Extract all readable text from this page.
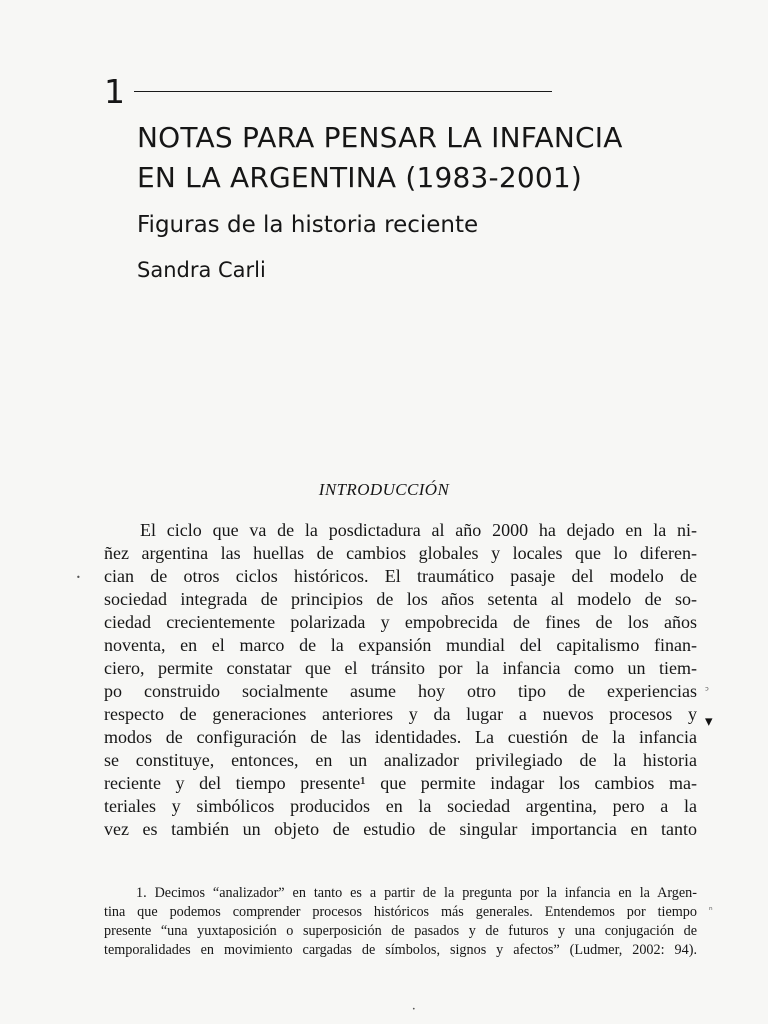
1
NOTAS PARA PENSAR LA INFANCIA
EN LA ARGENTINA (1983-2001)
Figuras de la historia reciente
Sandra Carli
INTRODUCCIÓN
El ciclo que va de la posdictadura al año 2000 ha dejado en la ni-
ñez argentina las huellas de cambios globales y locales que lo diferen-
cian de otros ciclos históricos. El traumático pasaje del modelo de
sociedad integrada de principios de los años setenta al modelo de so-
ciedad crecientemente polarizada y empobrecida de fines de los años
noventa, en el marco de la expansión mundial del capitalismo finan-
ciero, permite constatar que el tránsito por la infancia como un tiem-
po construido socialmente asume hoy otro tipo de experiencias
respecto de generaciones anteriores y da lugar a nuevos procesos y
modos de configuración de las identidades. La cuestión de la infancia
se constituye, entonces, en un analizador privilegiado de la historia
reciente y del tiempo presente¹ que permite indagar los cambios ma-
teriales y simbólicos producidos en la sociedad argentina, pero a la
vez es también un objeto de estudio de singular importancia en tanto
1. Decimos “analizador” en tanto es a partir de la pregunta por la infancia en la Argen-
tina que podemos comprender procesos históricos más generales. Entendemos por tiempo
presente “una yuxtaposición o superposición de pasados y de futuros y una conjugación de
temporalidades en movimiento cargadas de símbolos, signos y afectos” (Ludmer, 2002: 94).
•
ᵓ
▾
ⁿ
•
